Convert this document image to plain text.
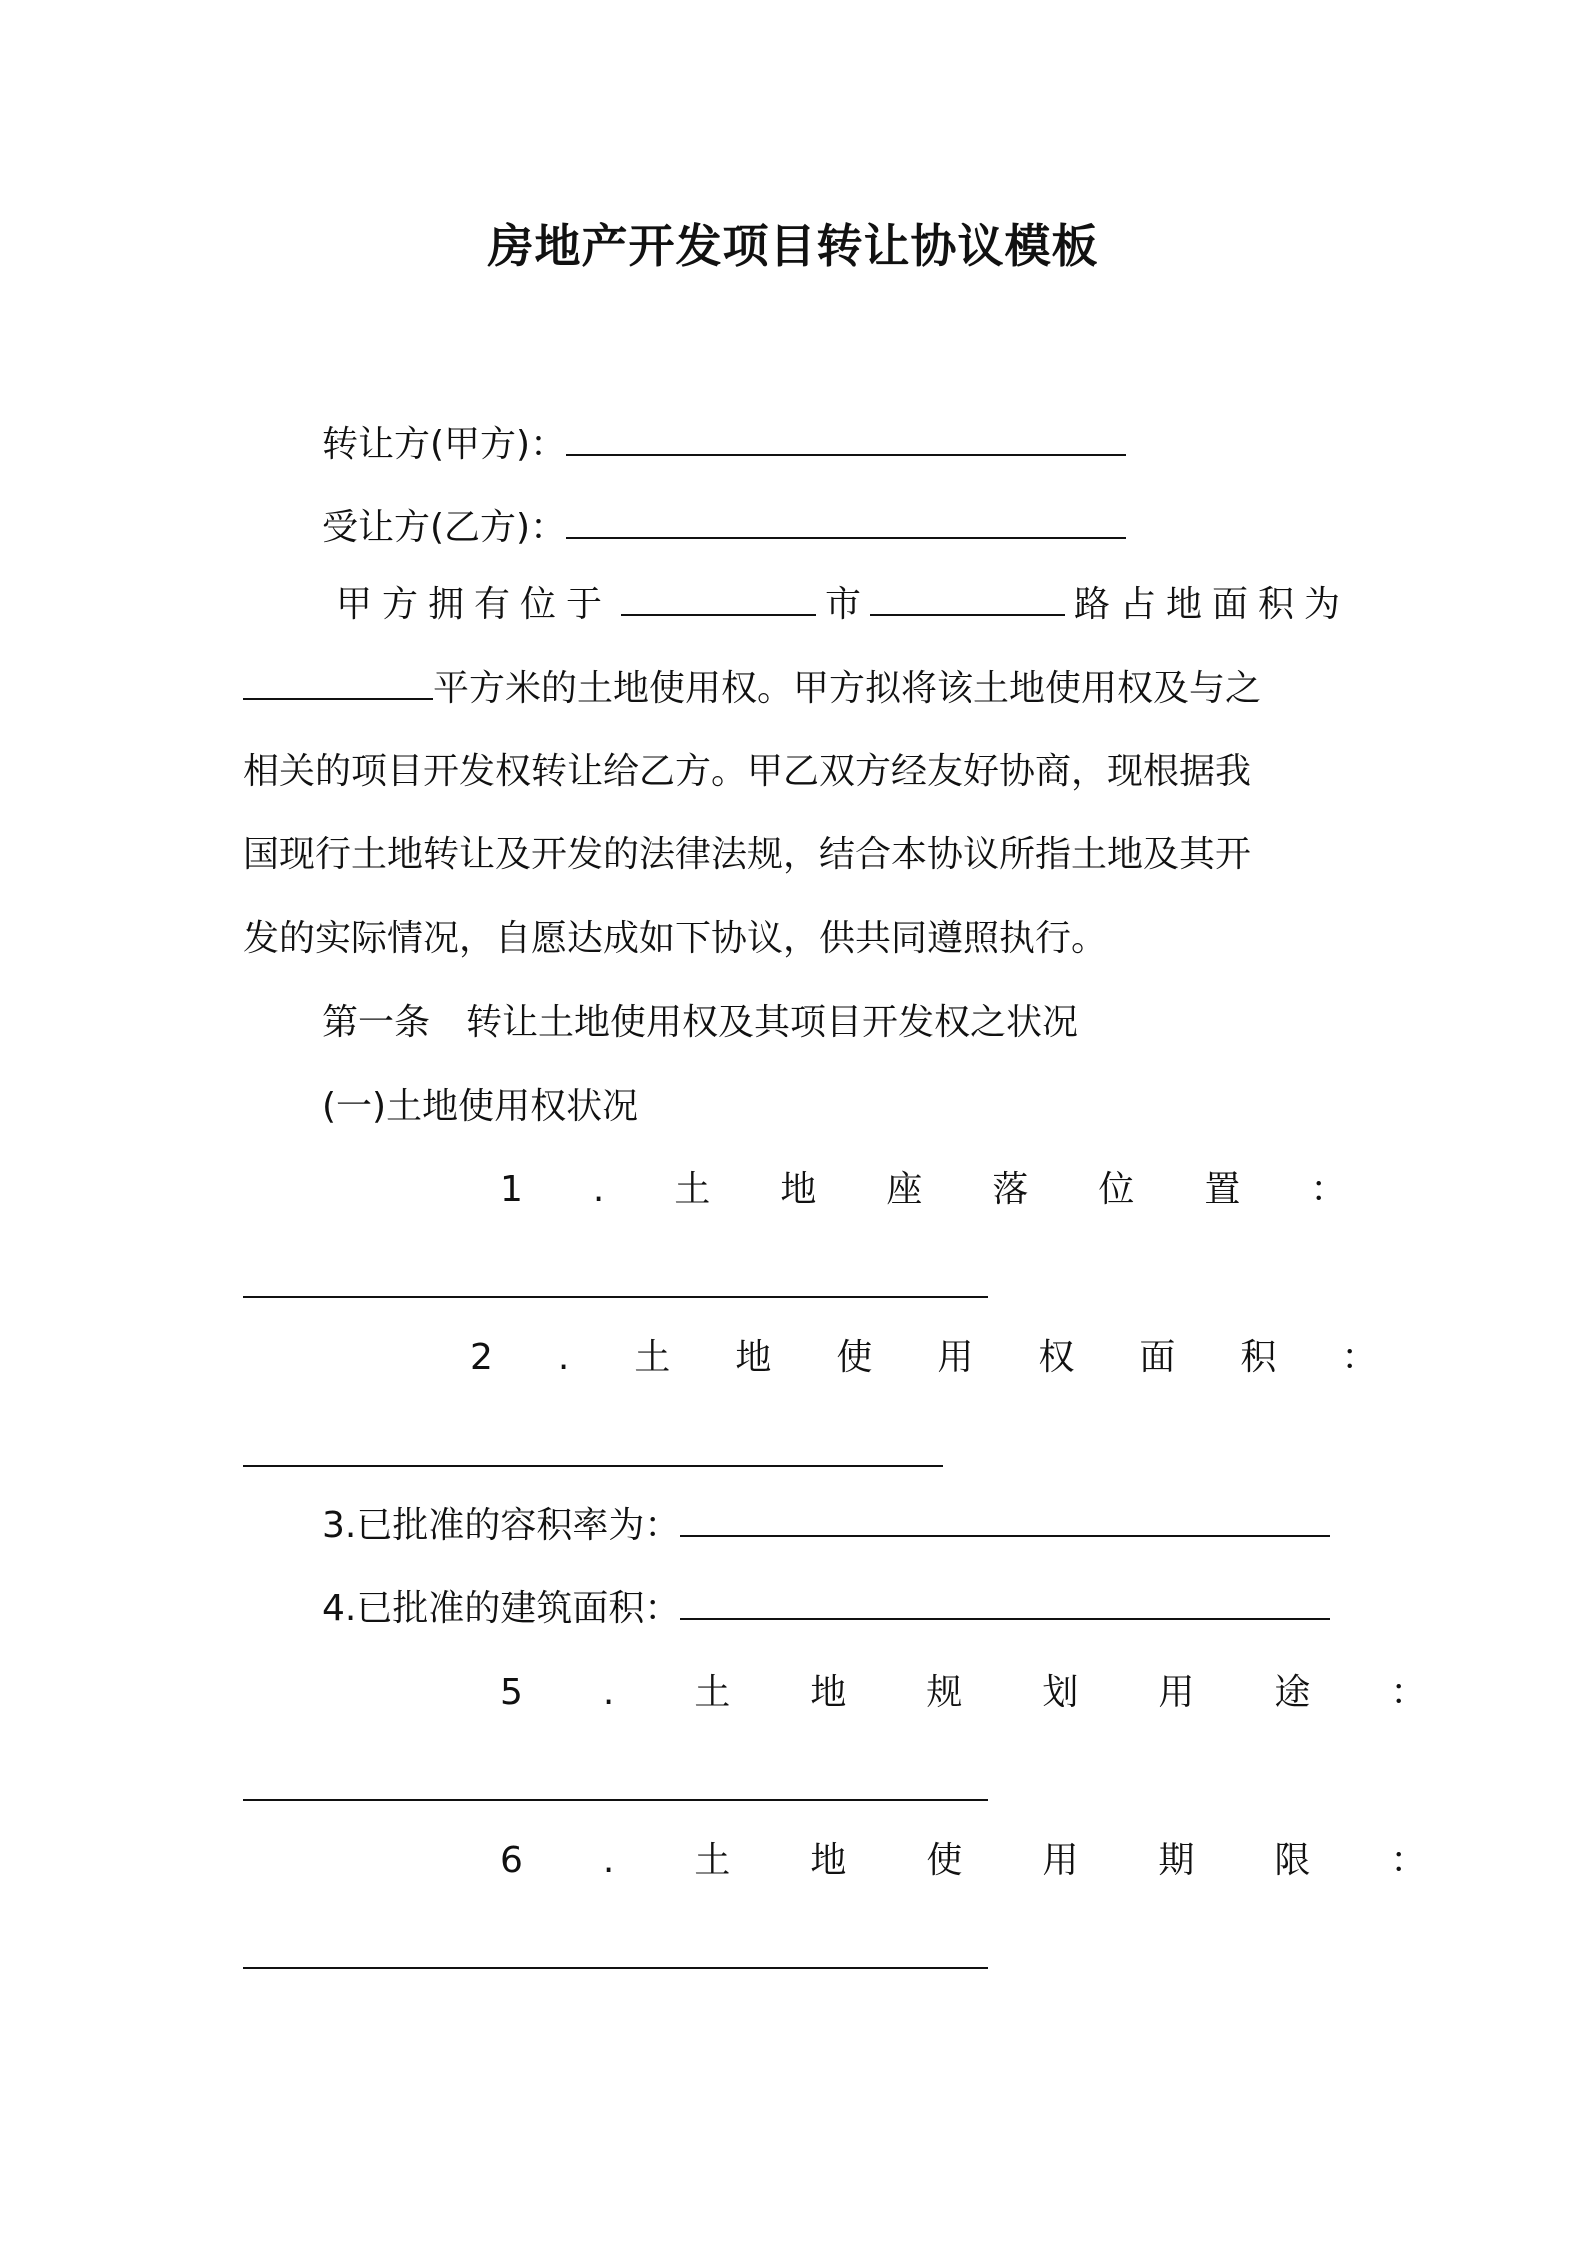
房地产开发项目转让协议模板
转让方(甲方)：
受让方(乙方)：
甲方拥有位于	市	路占地面积为
平方米的土地使用权。甲方拟将该土地使用权及与之
相关的项目开发权转让给乙方。甲乙双方经友好协商，现根据我
国现行土地转让及开发的法律法规，结合本协议所指土地及其开
发的实际情况，自愿达成如下协议，供共同遵照执行。
第一条　转让土地使用权及其项目开发权之状况
(一)土地使用权状况
1.土地座落位置：
2.土地使用权面积：
3.已批准的容积率为：
4.已批准的建筑面积：
5.土地规划用途：
6.土地使用期限：
